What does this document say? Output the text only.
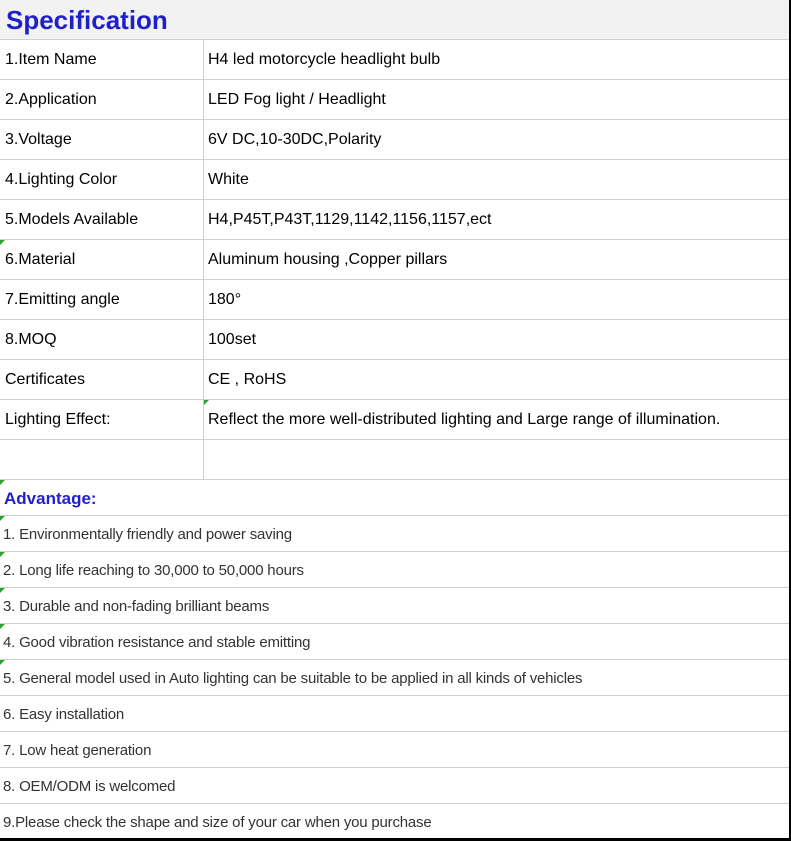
Specification
1.Item Name	H4 led motorcycle headlight bulb
2.Application	LED Fog light / Headlight
3.Voltage	6V DC,10-30DC,Polarity
4.Lighting Color	White
5.Models Available	H4,P45T,P43T,1129,1142,1156,1157,ect
6.Material	Aluminum housing ,Copper pillars
7.Emitting angle	180°
8.MOQ	100set
Certificates	CE , RoHS
Lighting Effect:	Reflect the more well-distributed lighting and Large range of illumination.
Advantage:
1. Environmentally friendly and power saving
2. Long life reaching to 30,000 to 50,000 hours
3. Durable and non-fading brilliant beams
4. Good vibration resistance and stable emitting
5. General model used in Auto lighting can be suitable to be applied in all kinds of vehicles
6. Easy installation
7. Low heat generation
8. OEM/ODM is welcomed
9.Please check the shape and size of your car when you purchase
